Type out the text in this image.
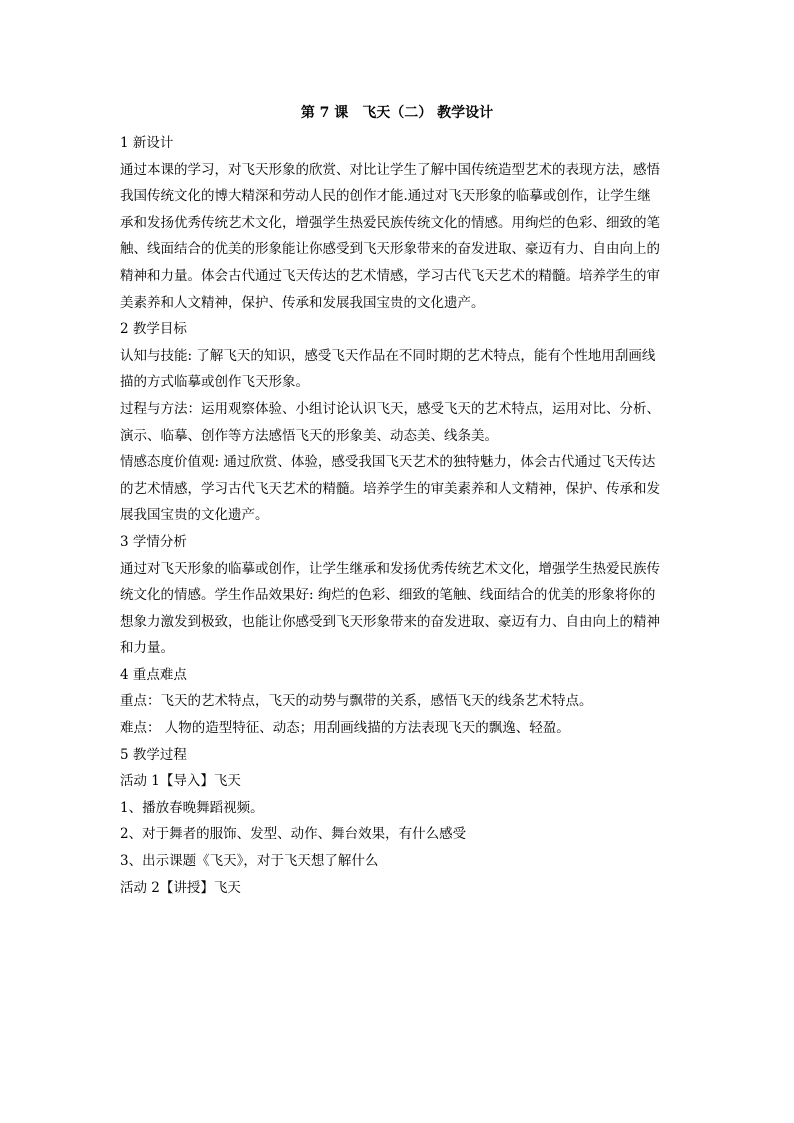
第 7 课　飞天（二） 教学设计
1 新设计
通过本课的学习，对飞天形象的欣赏、对比让学生了解中国传统造型艺术的表现方法，感悟
我国传统文化的博大精深和劳动人民的创作才能.通过对飞天形象的临摹或创作，让学生继
承和发扬优秀传统艺术文化，增强学生热爱民族传统文化的情感。用绚烂的色彩、细致的笔
触、线面结合的优美的形象能让你感受到飞天形象带来的奋发进取、豪迈有力、自由向上的
精神和力量。体会古代通过飞天传达的艺术情感，学习古代飞天艺术的精髓。培养学生的审
美素养和人文精神，保护、传承和发展我国宝贵的文化遗产。
2 教学目标
认知与技能: 了解飞天的知识，感受飞天作品在不同时期的艺术特点，能有个性地用刮画线
描的方式临摹或创作飞天形象。
过程与方法：运用观察体验、小组讨论认识飞天，感受飞天的艺术特点，运用对比、分析、
演示、临摹、创作等方法感悟飞天的形象美、动态美、线条美。
情感态度价值观: 通过欣赏、体验，感受我国飞天艺术的独特魅力，体会古代通过飞天传达
的艺术情感，学习古代飞天艺术的精髓。培养学生的审美素养和人文精神，保护、传承和发
展我国宝贵的文化遗产。
3 学情分析
通过对飞天形象的临摹或创作，让学生继承和发扬优秀传统艺术文化，增强学生热爱民族传
统文化的情感。学生作品效果好: 绚烂的色彩、细致的笔触、线面结合的优美的形象将你的
想象力激发到极致，也能让你感受到飞天形象带来的奋发进取、豪迈有力、自由向上的精神
和力量。
4 重点难点
重点：飞天的艺术特点，飞天的动势与飘带的关系，感悟飞天的线条艺术特点。
难点： 人物的造型特征、动态；用刮画线描的方法表现飞天的飘逸、轻盈。
5 教学过程
活动 1【导入】飞天
1、播放春晚舞蹈视频。
2、对于舞者的服饰、发型、动作、舞台效果，有什么感受
3、出示课题《飞天》，对于飞天想了解什么
活动 2【讲授】飞天
